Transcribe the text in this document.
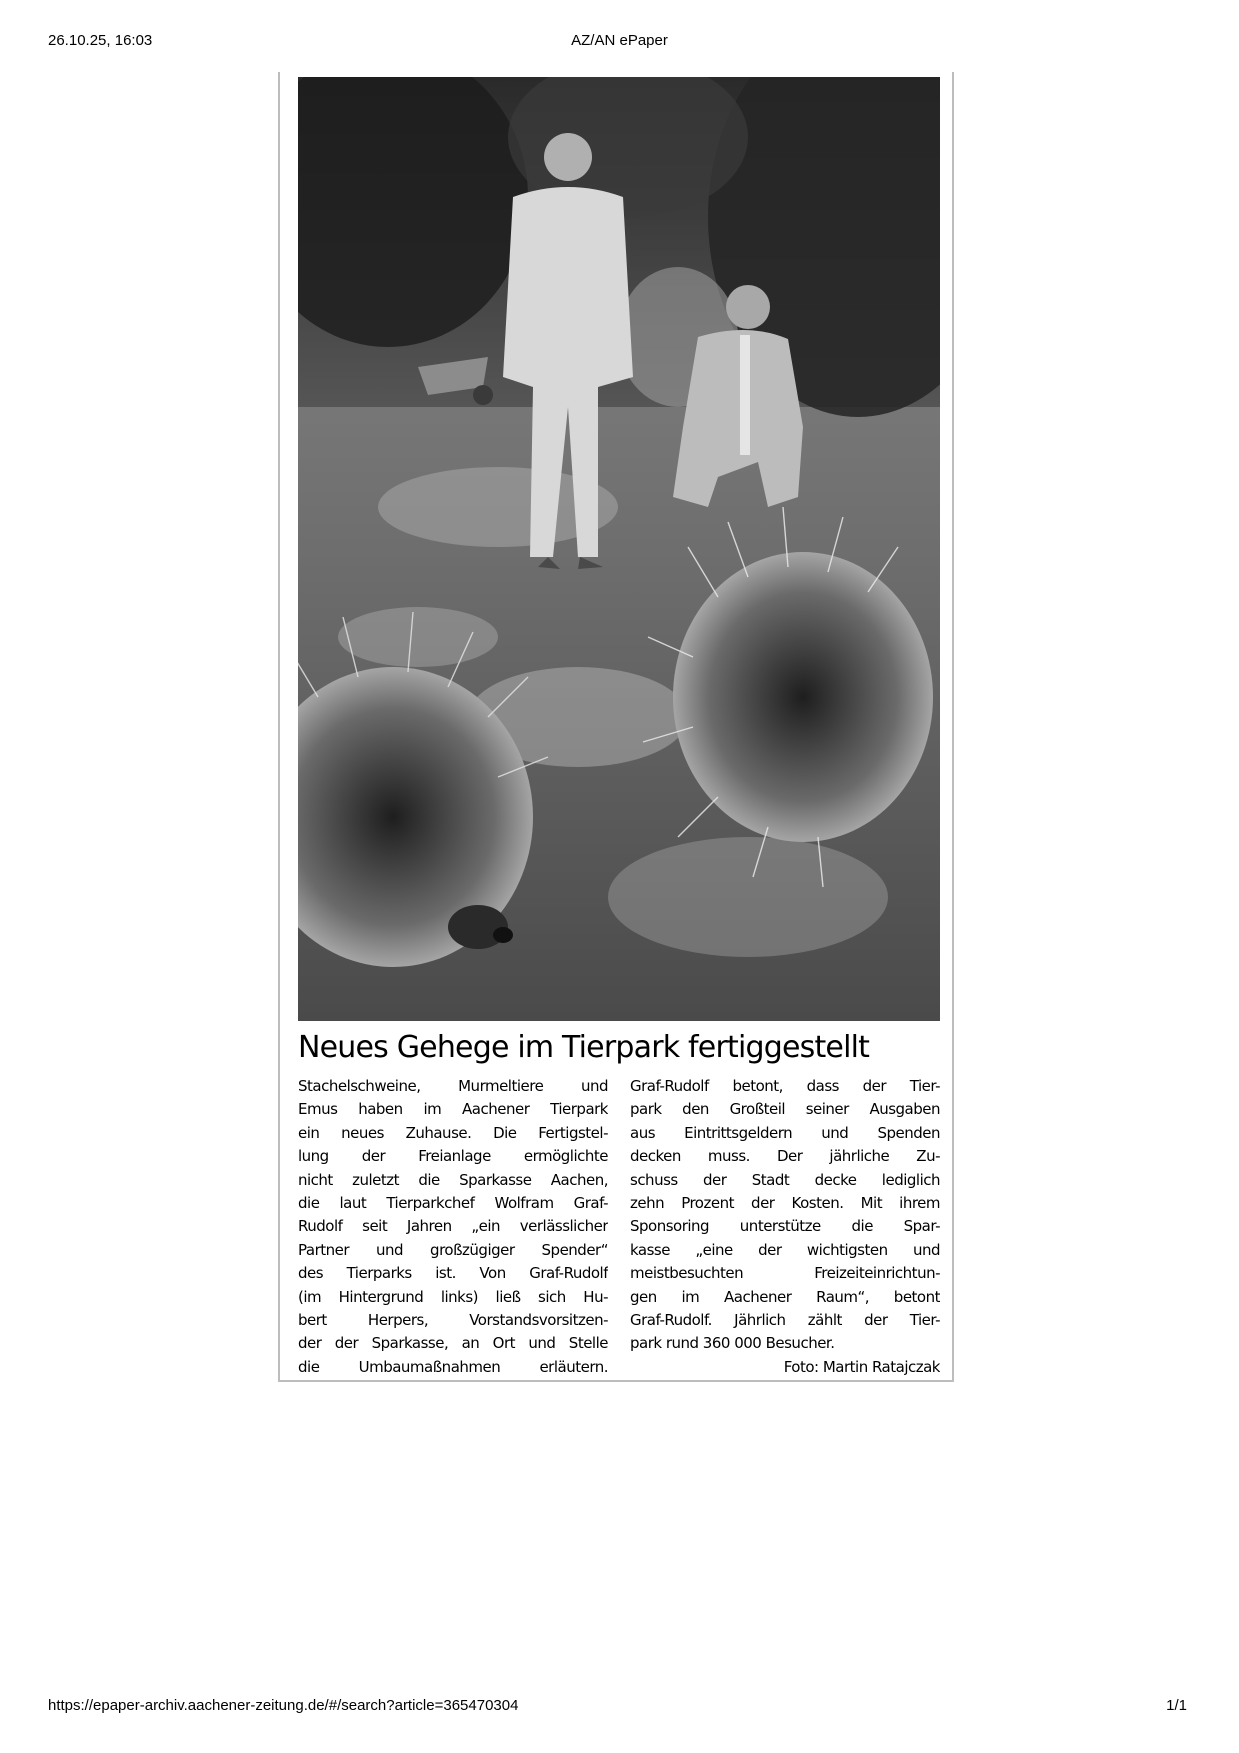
26.10.25, 16:03	AZ/AN ePaper
Neues Gehege im Tierpark fertiggestellt
Stachelschweine, Murmeltiere und
Emus haben im Aachener Tierpark
ein neues Zuhause. Die Fertigstel-
lung der Freianlage ermöglichte
nicht zuletzt die Sparkasse Aachen,
die laut Tierparkchef Wolfram Graf-
Rudolf seit Jahren „ein verlässlicher
Partner und großzügiger Spender“
des Tierparks ist. Von Graf-Rudolf
(im Hintergrund links) ließ sich Hu-
bert Herpers, Vorstandsvorsitzen-
der der Sparkasse, an Ort und Stelle
die Umbaumaßnahmen erläutern.
Graf-Rudolf betont, dass der Tier-
park den Großteil seiner Ausgaben
aus Eintrittsgeldern und Spenden
decken muss. Der jährliche Zu-
schuss der Stadt decke lediglich
zehn Prozent der Kosten. Mit ihrem
Sponsoring unterstütze die Spar-
kasse „eine der wichtigsten und
meistbesuchten Freizeiteinrichtun-
gen im Aachener Raum“, betont
Graf-Rudolf. Jährlich zählt der Tier-
park rund 360 000 Besucher.
Foto: Martin Ratajczak
https://epaper-archiv.aachener-zeitung.de/#/search?article=365470304	1/1
